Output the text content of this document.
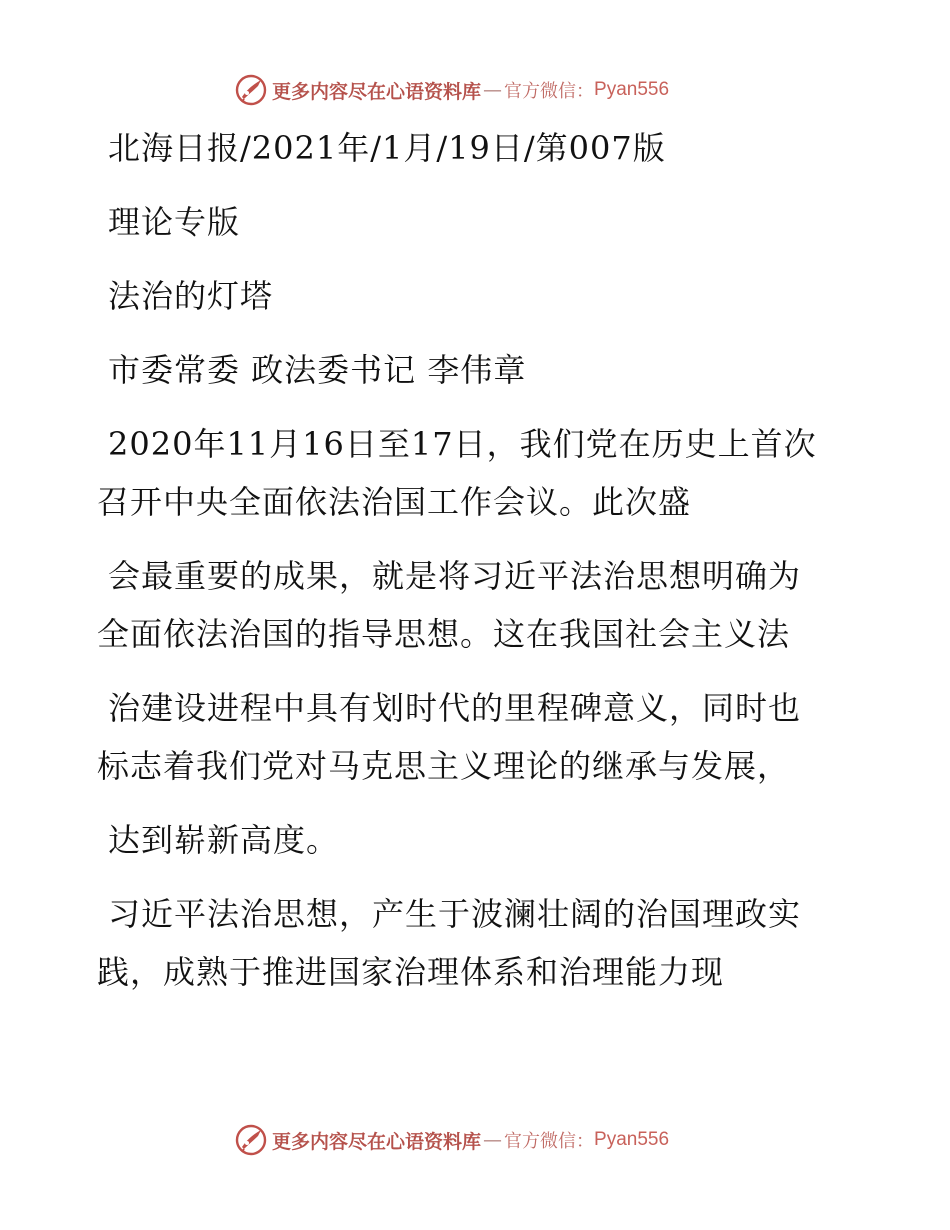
更多内容尽在心语资料库 — 官方微信： Pyan556
北海日报/2021年/1月/19日/第007版
理论专版
法治的灯塔
市委常委 政法委书记 李伟章
2020年11月16日至17日，我们党在历史上首次
召开中央全面依法治国工作会议。此次盛
会最重要的成果，就是将习近平法治思想明确为
全面依法治国的指导思想。这在我国社会主义法
治建设进程中具有划时代的里程碑意义，同时也
标志着我们党对马克思主义理论的继承与发展，
达到崭新高度。
习近平法治思想，产生于波澜壮阔的治国理政实
践，成熟于推进国家治理体系和治理能力现
更多内容尽在心语资料库 — 官方微信： Pyan556
